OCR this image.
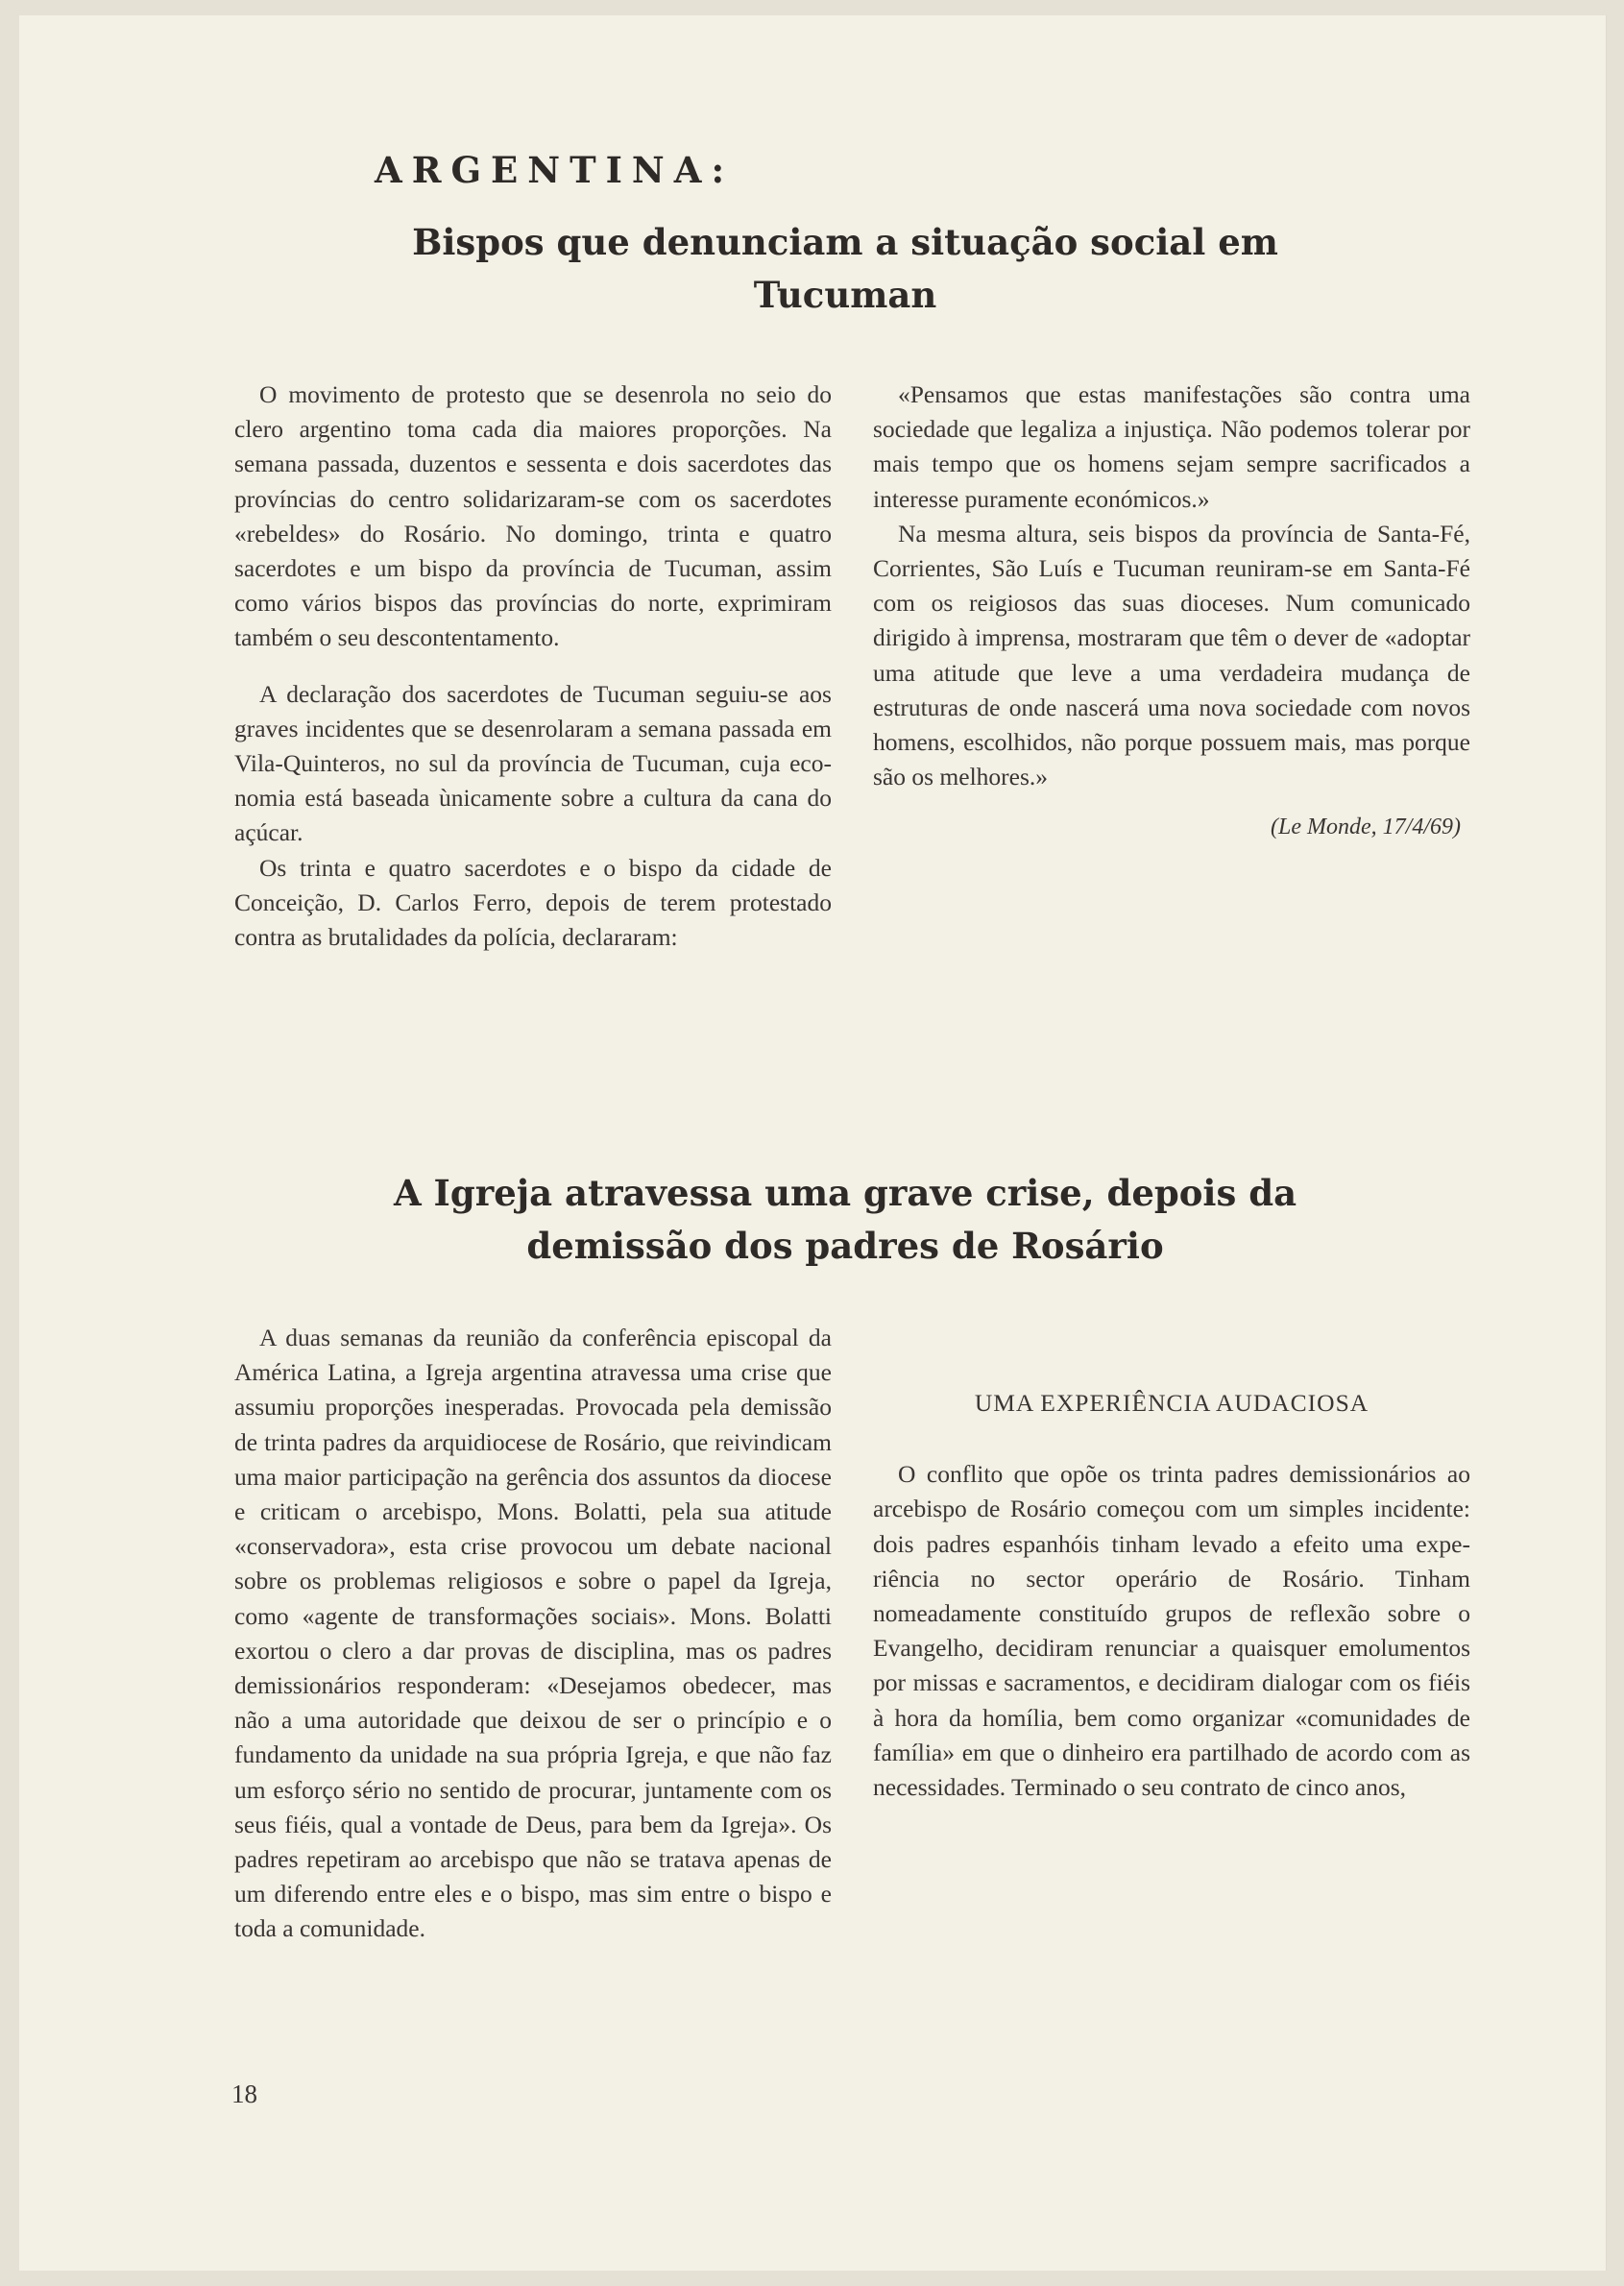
ARGENTINA:
Bispos que denunciam a situação social em Tucuman

O movimento de protesto que se desenrola no seio do clero argentino toma cada dia maiores proporções. Na semana passada, duzentos e sessenta e dois sacerdotes das províncias do centro solidarizaram-se com os sacerdotes «rebeldes» do Rosário. No domingo, trinta e quatro sacerdotes e um bispo da província de Tucuman, assim como vários bispos das províncias do norte, exprimiram também o seu descontentamento.

A declaração dos sacerdotes de Tucuman seguiu-se aos graves incidentes que se desenrolaram a semana passada em Vila-Quinteros, no sul da província de Tucuman, cuja economia está baseada ùnicamente sobre a cultura da cana do açúcar.

Os trinta e quatro sacerdotes e o bispo da cidade de Conceição, D. Carlos Ferro, depois de terem protestado contra as brutalidades da polícia, declararam:

«Pensamos que estas manifestações são contra uma sociedade que legaliza a injustiça. Não podemos tolerar por mais tempo que os homens sejam sempre sacrificados a interesse puramente económicos.»

Na mesma altura, seis bispos da província de Santa-Fé, Corrientes, São Luís e Tucuman reuniram-se em Santa-Fé com os reigiosos das suas dioceses. Num comunicado dirigido à imprensa, mostraram que têm o dever de «adoptar uma atitude que leve a uma verdadeira mudança de estruturas de onde nascerá uma nova sociedade com novos homens, escolhidos, não porque possuem mais, mas porque são os melhores.»

(Le Monde, 17/4/69)

A Igreja atravessa uma grave crise, depois da demissão dos padres de Rosário

A duas semanas da reunião da conferência episcopal da América Latina, a Igreja argentina atravessa uma crise que assumiu proporções inesperadas. Provocada pela demissão de trinta padres da arquidiocese de Rosário, que reivindicam uma maior participação na gerência dos assuntos da diocese e criticam o arcebispo, Mons. Bolatti, pela sua atitude «conservadora», esta crise provocou um debate nacional sobre os problemas religiosos e sobre o papel da Igreja, como «agente de transformações sociais». Mons. Bolatti exortou o clero a dar provas de disciplina, mas os padres demissionários responderam: «Desejamos obedecer, mas não a uma autoridade que deixou de ser o princípio e o fundamento da unidade na sua própria Igreja, e que não faz um esforço sério no sentido de procurar, juntamente com os seus fiéis, qual a vontade de Deus, para bem da Igreja». Os padres repetiram ao arcebispo que não se tratava apenas de um diferendo entre eles e o bispo, mas sim entre o bispo e toda a comunidade.

UMA EXPERIÊNCIA AUDACIOSA

O conflito que opõe os trinta padres demissionários ao arcebispo de Rosário começou com um simples incidente: dois padres espanhóis tinham levado a efeito uma experiência no sector operário de Rosário. Tinham nomeadamente constituído grupos de reflexão sobre o Evangelho, decidiram renunciar a quaisquer emolumentos por missas e sacramentos, e decidiram dialogar com os fiéis à hora da homília, bem como organizar «comunidades de família» em que o dinheiro era partilhado de acordo com as necessidades. Terminado o seu contrato de cinco anos,

18
